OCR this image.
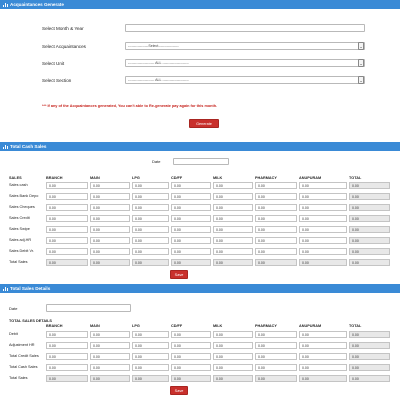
Acquaintances Generate
Select Month & Year
Select Acquaintances	-----------------Select-----------------	⌄
Select Unit	---------------------- ALL ----------------------	⌄
Select Section	---------------------- ALL ----------------------	⌄
*** If any of the Acquaintances generated, You can't able to Re-generate pay again for this month.
Generate
Total Cash Sales
Date
SALES	BRANCH	MAIN	LPG	CD/FF	MILK	PHARMACY	ANUPURAM	TOTAL
Sales cash	0.00	0.00	0.00	0.00	0.00	0.00	0.00	0.00
Sales Bank Depo	0.00	0.00	0.00	0.00	0.00	0.00	0.00	0.00
Sales Cheques	0.00	0.00	0.00	0.00	0.00	0.00	0.00	0.00
Sales Credit	0.00	0.00	0.00	0.00	0.00	0.00	0.00	0.00
Sales Swipe	0.00	0.00	0.00	0.00	0.00	0.00	0.00	0.00
Sales adj.HR	0.00	0.00	0.00	0.00	0.00	0.00	0.00	0.00
Sales Debit Vr.	0.00	0.00	0.00	0.00	0.00	0.00	0.00	0.00
Total Sales	0.00	0.00	0.00	0.00	0.00	0.00	0.00	0.00
Save
Total Sales Details
Date
TOTAL SALES DETAILS
BRANCH	MAIN	LPG	CD/FF	MILK	PHARMACY	ANUPURAM	TOTAL
Debit	0.00	0.00	0.00	0.00	0.00	0.00	0.00	0.00
Adjustment HR	0.00	0.00	0.00	0.00	0.00	0.00	0.00	0.00
Total Credit Sales	0.00	0.00	0.00	0.00	0.00	0.00	0.00	0.00
Total Cash Sales	0.00	0.00	0.00	0.00	0.00	0.00	0.00	0.00
Total Sales	0.00	0.00	0.00	0.00	0.00	0.00	0.00	0.00
Save
